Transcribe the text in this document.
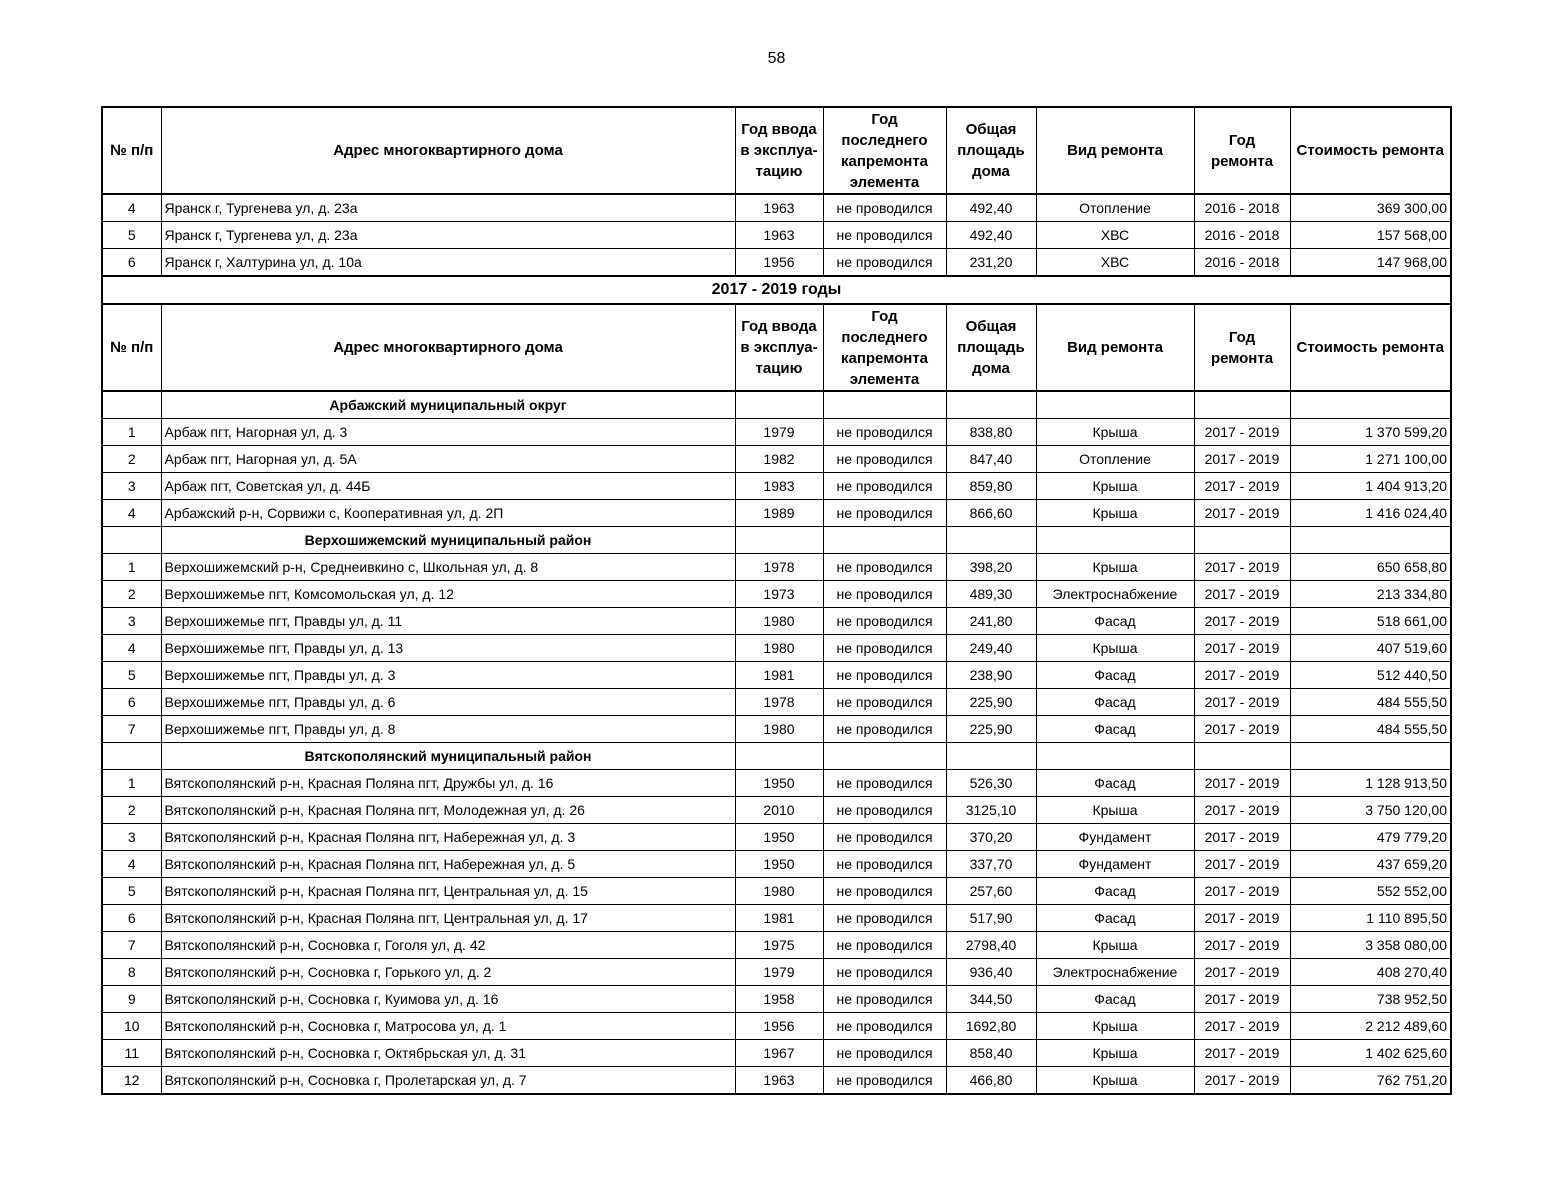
58
№ п/п	Адрес многоквартирного дома	Год ввода в эксплуа-тацию	Год последнего капремонта элемента	Общая площадь дома	Вид ремонта	Год ремонта	Стоимость ремонта
4	Яранск г, Тургенева ул, д. 23а	1963	не проводился	492,40	Отопление	2016 - 2018	369 300,00
5	Яранск г, Тургенева ул, д. 23а	1963	не проводился	492,40	ХВС	2016 - 2018	157 568,00
6	Яранск г, Халтурина ул, д. 10а	1956	не проводился	231,20	ХВС	2016 - 2018	147 968,00
2017 - 2019 годы							
№ п/п	Адрес многоквартирного дома	Год ввода в эксплуа-тацию	Год последнего капремонта элемента	Общая площадь дома	Вид ремонта	Год ремонта	Стоимость ремонта
	Арбажский муниципальный округ						
1	Арбаж пгт, Нагорная ул, д. 3	1979	не проводился	838,80	Крыша	2017 - 2019	1 370 599,20
2	Арбаж пгт, Нагорная ул, д. 5А	1982	не проводился	847,40	Отопление	2017 - 2019	1 271 100,00
3	Арбаж пгт, Советская ул, д. 44Б	1983	не проводился	859,80	Крыша	2017 - 2019	1 404 913,20
4	Арбажский р-н, Сорвижи с, Кооперативная ул, д. 2П	1989	не проводился	866,60	Крыша	2017 - 2019	1 416 024,40
	Верхошижемский муниципальный район						
1	Верхошижемский р-н, Среднеивкино с, Школьная ул, д. 8	1978	не проводился	398,20	Крыша	2017 - 2019	650 658,80
2	Верхошижемье пгт, Комсомольская ул, д. 12	1973	не проводился	489,30	Электроснабжение	2017 - 2019	213 334,80
3	Верхошижемье пгт, Правды ул, д. 11	1980	не проводился	241,80	Фасад	2017 - 2019	518 661,00
4	Верхошижемье пгт, Правды ул, д. 13	1980	не проводился	249,40	Крыша	2017 - 2019	407 519,60
5	Верхошижемье пгт, Правды ул, д. 3	1981	не проводился	238,90	Фасад	2017 - 2019	512 440,50
6	Верхошижемье пгт, Правды ул, д. 6	1978	не проводился	225,90	Фасад	2017 - 2019	484 555,50
7	Верхошижемье пгт, Правды ул, д. 8	1980	не проводился	225,90	Фасад	2017 - 2019	484 555,50
	Вятскополянский муниципальный район						
1	Вятскополянский р-н, Красная Поляна пгт, Дружбы ул, д. 16	1950	не проводился	526,30	Фасад	2017 - 2019	1 128 913,50
2	Вятскополянский р-н, Красная Поляна пгт, Молодежная ул, д. 26	2010	не проводился	3125,10	Крыша	2017 - 2019	3 750 120,00
3	Вятскополянский р-н, Красная Поляна пгт, Набережная ул, д. 3	1950	не проводился	370,20	Фундамент	2017 - 2019	479 779,20
4	Вятскополянский р-н, Красная Поляна пгт, Набережная ул, д. 5	1950	не проводился	337,70	Фундамент	2017 - 2019	437 659,20
5	Вятскополянский р-н, Красная Поляна пгт, Центральная ул, д. 15	1980	не проводился	257,60	Фасад	2017 - 2019	552 552,00
6	Вятскополянский р-н, Красная Поляна пгт, Центральная ул, д. 17	1981	не проводился	517,90	Фасад	2017 - 2019	1 110 895,50
7	Вятскополянский р-н, Сосновка г, Гоголя ул, д. 42	1975	не проводился	2798,40	Крыша	2017 - 2019	3 358 080,00
8	Вятскополянский р-н, Сосновка г, Горького ул, д. 2	1979	не проводился	936,40	Электроснабжение	2017 - 2019	408 270,40
9	Вятскополянский р-н, Сосновка г, Куимова ул, д. 16	1958	не проводился	344,50	Фасад	2017 - 2019	738 952,50
10	Вятскополянский р-н, Сосновка г, Матросова ул, д. 1	1956	не проводился	1692,80	Крыша	2017 - 2019	2 212 489,60
11	Вятскополянский р-н, Сосновка г, Октябрьская ул, д. 31	1967	не проводился	858,40	Крыша	2017 - 2019	1 402 625,60
12	Вятскополянский р-н, Сосновка г, Пролетарская ул, д. 7	1963	не проводился	466,80	Крыша	2017 - 2019	762 751,20
